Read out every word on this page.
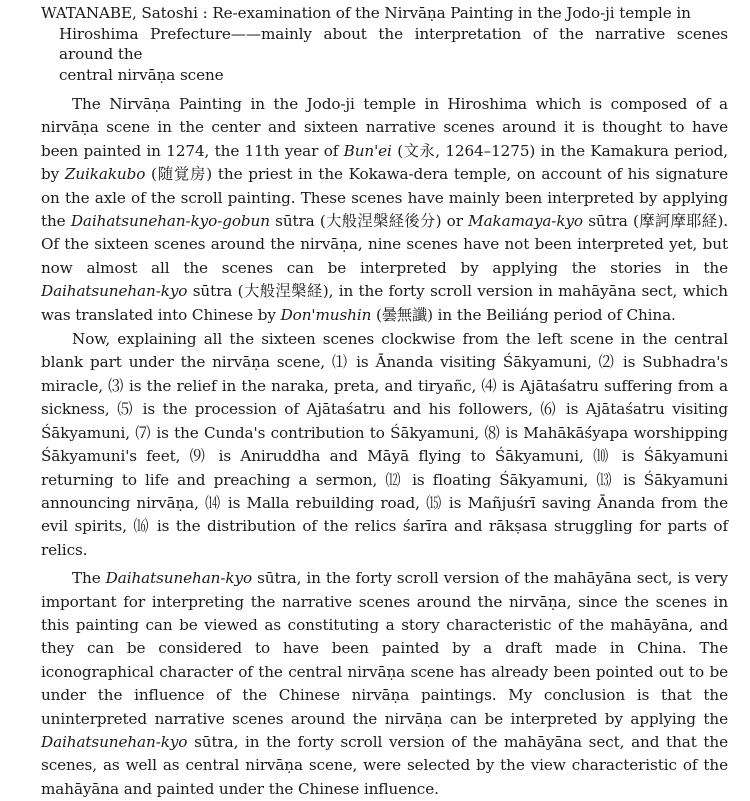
WATANABE, Satoshi : Re-examination of the Nirvāṇa Painting in the Jodo-ji temple in
Hiroshima Prefecture——mainly about the interpretation of the narrative scenes around the
central nirvāṇa scene

The Nirvāṇa Painting in the Jodo-ji temple in Hiroshima which is composed of a nirvāṇa scene in the center and sixteen narrative scenes around it is thought to have been painted in 1274, the 11th year of Bun'ei (文永, 1264–1275) in the Kamakura period, by Zuikakubo (随覚房) the priest in the Kokawa-dera temple, on account of his signature on the axle of the scroll painting. These scenes have mainly been interpreted by applying the Daihatsunehan-kyo-gobun sūtra (大般涅槃経後分) or Makamaya-kyo sūtra (摩訶摩耶経). Of the sixteen scenes around the nirvāṇa, nine scenes have not been interpreted yet, but now almost all the scenes can be interpreted by applying the stories in the Daihatsunehan-kyo sūtra (大般涅槃経), in the forty scroll version in mahāyāna sect, which was translated into Chinese by Don'mushin (曇無讖) in the Beiliáng period of China.

Now, explaining all the sixteen scenes clockwise from the left scene in the central blank part under the nirvāṇa scene, ⑴ is Ānanda visiting Śākyamuni, ⑵ is Subhadra's miracle, ⑶ is the relief in the naraka, preta, and tiryañc, ⑷ is Ajātaśatru suffering from a sickness, ⑸ is the procession of Ajātaśatru and his followers, ⑹ is Ajātaśatru visiting Śākyamuni, ⑺ is the Cunda's contribution to Śākyamuni, ⑻ is Mahākāśyapa worshipping Śākyamuni's feet, ⑼ is Aniruddha and Māyā flying to Śākyamuni, ⑽ is Śākyamuni returning to life and preaching a sermon, ⑿ is floating Śākyamuni, ⒀ is Śākyamuni announcing nirvāṇa, ⒁ is Malla rebuilding road, ⒂ is Mañjuśrī saving Ānanda from the evil spirits, ⒃ is the distribution of the relics śarīra and rākṣasa struggling for parts of relics.

The Daihatsunehan-kyo sūtra, in the forty scroll version of the mahāyāna sect, is very important for interpreting the narrative scenes around the nirvāṇa, since the scenes in this painting can be viewed as constituting a story characteristic of the mahāyāna, and they can be considered to have been painted by a draft made in China. The iconographical character of the central nirvāṇa scene has already been pointed out to be under the influence of the Chinese nirvāṇa paintings. My conclusion is that the uninterpreted narrative scenes around the nirvāṇa can be interpreted by applying the Daihatsunehan-kyo sūtra, in the forty scroll version of the mahāyāna sect, and that the scenes, as well as central nirvāṇa scene, were selected by the view characteristic of the mahāyāna and painted under the Chinese influence.
